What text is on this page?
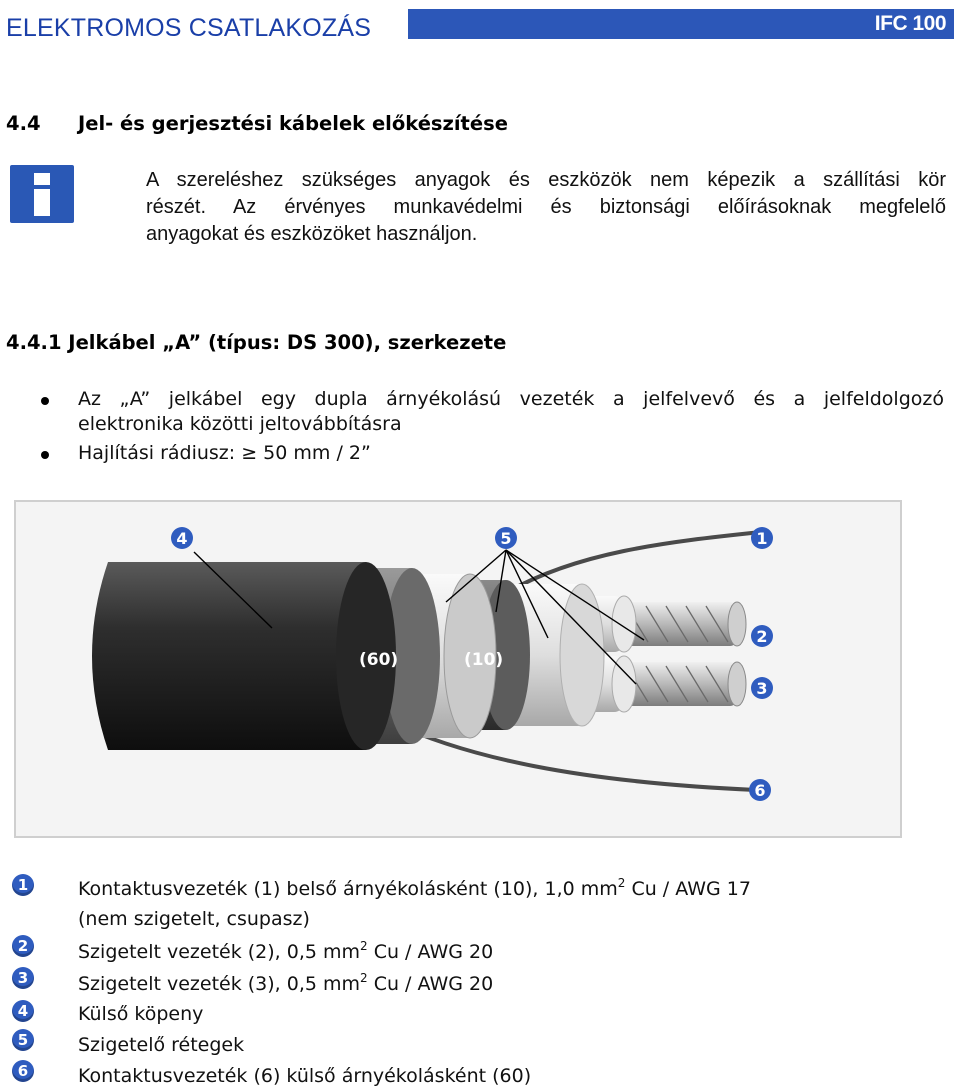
ELEKTROMOS CSATLAKOZÁS	IFC 100
4.4 Jel- és gerjesztési kábelek előkészítése
A szereléshez szükséges anyagok és eszközök nem képezik a szállítási kör
részét. Az érvényes munkavédelmi és biztonsági előírásoknak megfelelő
anyagokat és eszközöket használjon.
4.4.1 Jelkábel „A” (típus: DS 300), szerkezete
Az „A” jelkábel egy dupla árnyékolású vezeték a jelfelvevő és a jelfeldolgozó
elektronika közötti jeltovábbításra
Hajlítási rádiusz: ≥ 50 mm / 2”
(60)	(10)
4	5	1
2
3
6
1	Kontaktusvezeték (1) belső árnyékolásként (10), 1,0 $mm^2$ Cu / AWG 17
(nem szigetelt, csupasz)
2	Szigetelt vezeték (2), 0,5 $mm^2$ Cu / AWG 20
3	Szigetelt vezeték (3), 0,5 $mm^2$ Cu / AWG 20
4	Külső köpeny
5	Szigetelő rétegek
6	Kontaktusvezeték (6) külső árnyékolásként (60)
